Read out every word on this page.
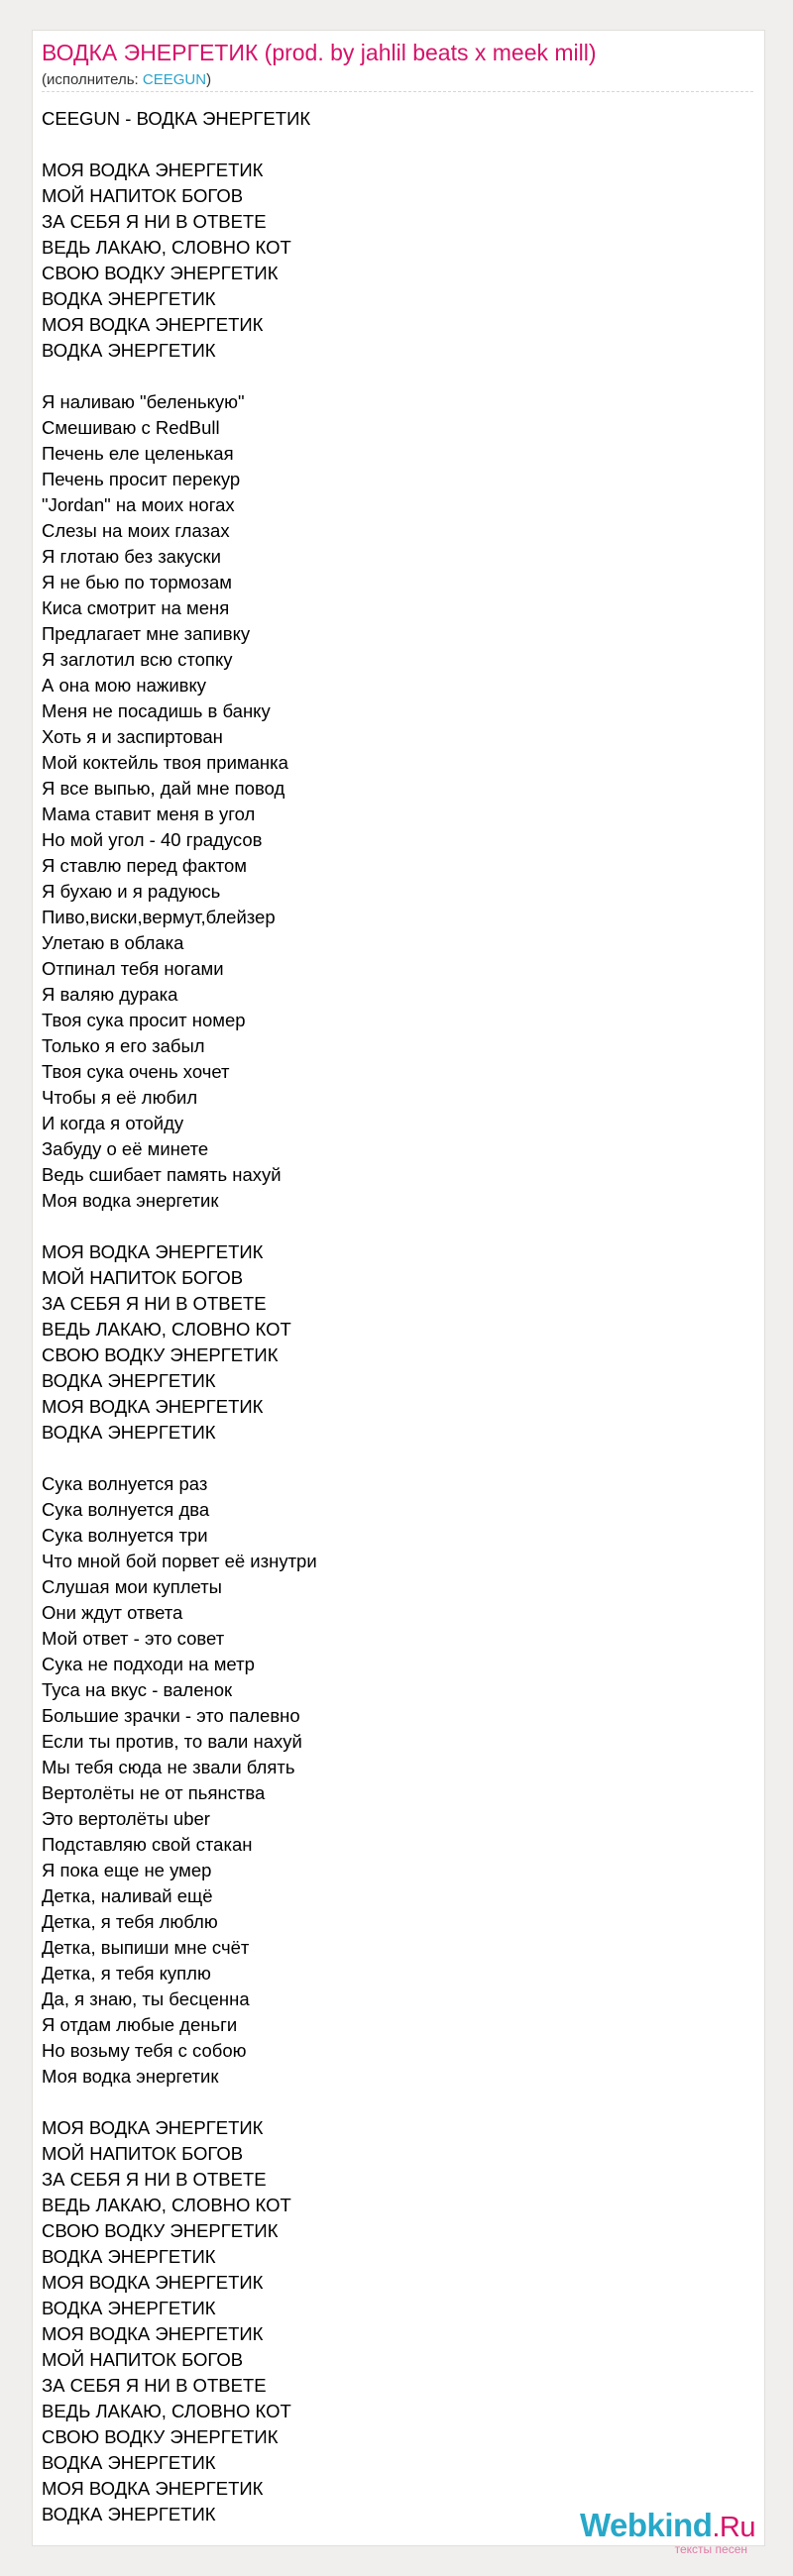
ВОДКА ЭНЕРГЕТИК (prod. by jahlil beats x meek mill)
(исполнитель: CEEGUN)
CEEGUN - ВОДКА ЭНЕРГЕТИК

МОЯ ВОДКА ЭНЕРГЕТИК
МОЙ НАПИТОК БОГОВ
ЗА СЕБЯ Я НИ В ОТВЕТЕ
ВЕДЬ ЛАКАЮ, СЛОВНО КОТ
СВОЮ ВОДКУ ЭНЕРГЕТИК
ВОДКА ЭНЕРГЕТИК
МОЯ ВОДКА ЭНЕРГЕТИК
ВОДКА ЭНЕРГЕТИК

Я наливаю "беленькую"
Смешиваю с RedBull
Печень еле целенькая
Печень просит перекур
"Jordan" на моих ногах
Слезы на моих глазах
Я глотаю без закуски
Я не бью по тормозам
Киса смотрит на меня
Предлагает мне запивку
Я заглотил всю стопку
А она мою наживку
Меня не посадишь в банку
Хоть я и заспиртован
Мой коктейль твоя приманка
Я все выпью, дай мне повод
Мама ставит меня в угол
Но мой угол - 40 градусов
Я ставлю перед фактом
Я бухаю и я радуюсь
Пиво,виски,вермут,блейзер
Улетаю в облака
Отпинал тебя ногами
Я валяю дурака
Твоя сука просит номер
Только я его забыл
Твоя сука очень хочет
Чтобы я её любил
И когда я отойду
Забуду о её минете
Ведь сшибает память нахуй
Моя водка энергетик

МОЯ ВОДКА ЭНЕРГЕТИК
МОЙ НАПИТОК БОГОВ
ЗА СЕБЯ Я НИ В ОТВЕТЕ
ВЕДЬ ЛАКАЮ, СЛОВНО КОТ
СВОЮ ВОДКУ ЭНЕРГЕТИК
ВОДКА ЭНЕРГЕТИК
МОЯ ВОДКА ЭНЕРГЕТИК
ВОДКА ЭНЕРГЕТИК

Сука волнуется раз
Сука волнуется два
Сука волнуется три
Что мной бой порвет её изнутри
Слушая мои куплеты
Они ждут ответа
Мой ответ - это совет
Сука не подходи на метр
Туса на вкус - валенок
Большие зрачки - это палевно
Если ты против, то вали нахуй
Мы тебя сюда не звали блять
Вертолёты не от пьянства
Это вертолёты uber
Подставляю свой стакан
Я пока еще не умер
Детка, наливай ещё
Детка, я тебя люблю
Детка, выпиши мне счёт
Детка, я тебя куплю
Да, я знаю, ты бесценна
Я отдам любые деньги
Но возьму тебя с собою
Моя водка энергетик

МОЯ ВОДКА ЭНЕРГЕТИК
МОЙ НАПИТОК БОГОВ
ЗА СЕБЯ Я НИ В ОТВЕТЕ
ВЕДЬ ЛАКАЮ, СЛОВНО КОТ
СВОЮ ВОДКУ ЭНЕРГЕТИК
ВОДКА ЭНЕРГЕТИК
МОЯ ВОДКА ЭНЕРГЕТИК
ВОДКА ЭНЕРГЕТИК
МОЯ ВОДКА ЭНЕРГЕТИК
МОЙ НАПИТОК БОГОВ
ЗА СЕБЯ Я НИ В ОТВЕТЕ
ВЕДЬ ЛАКАЮ, СЛОВНО КОТ
СВОЮ ВОДКУ ЭНЕРГЕТИК
ВОДКА ЭНЕРГЕТИК
МОЯ ВОДКА ЭНЕРГЕТИК
ВОДКА ЭНЕРГЕТИК	Webkind.Ru
тексты песен
